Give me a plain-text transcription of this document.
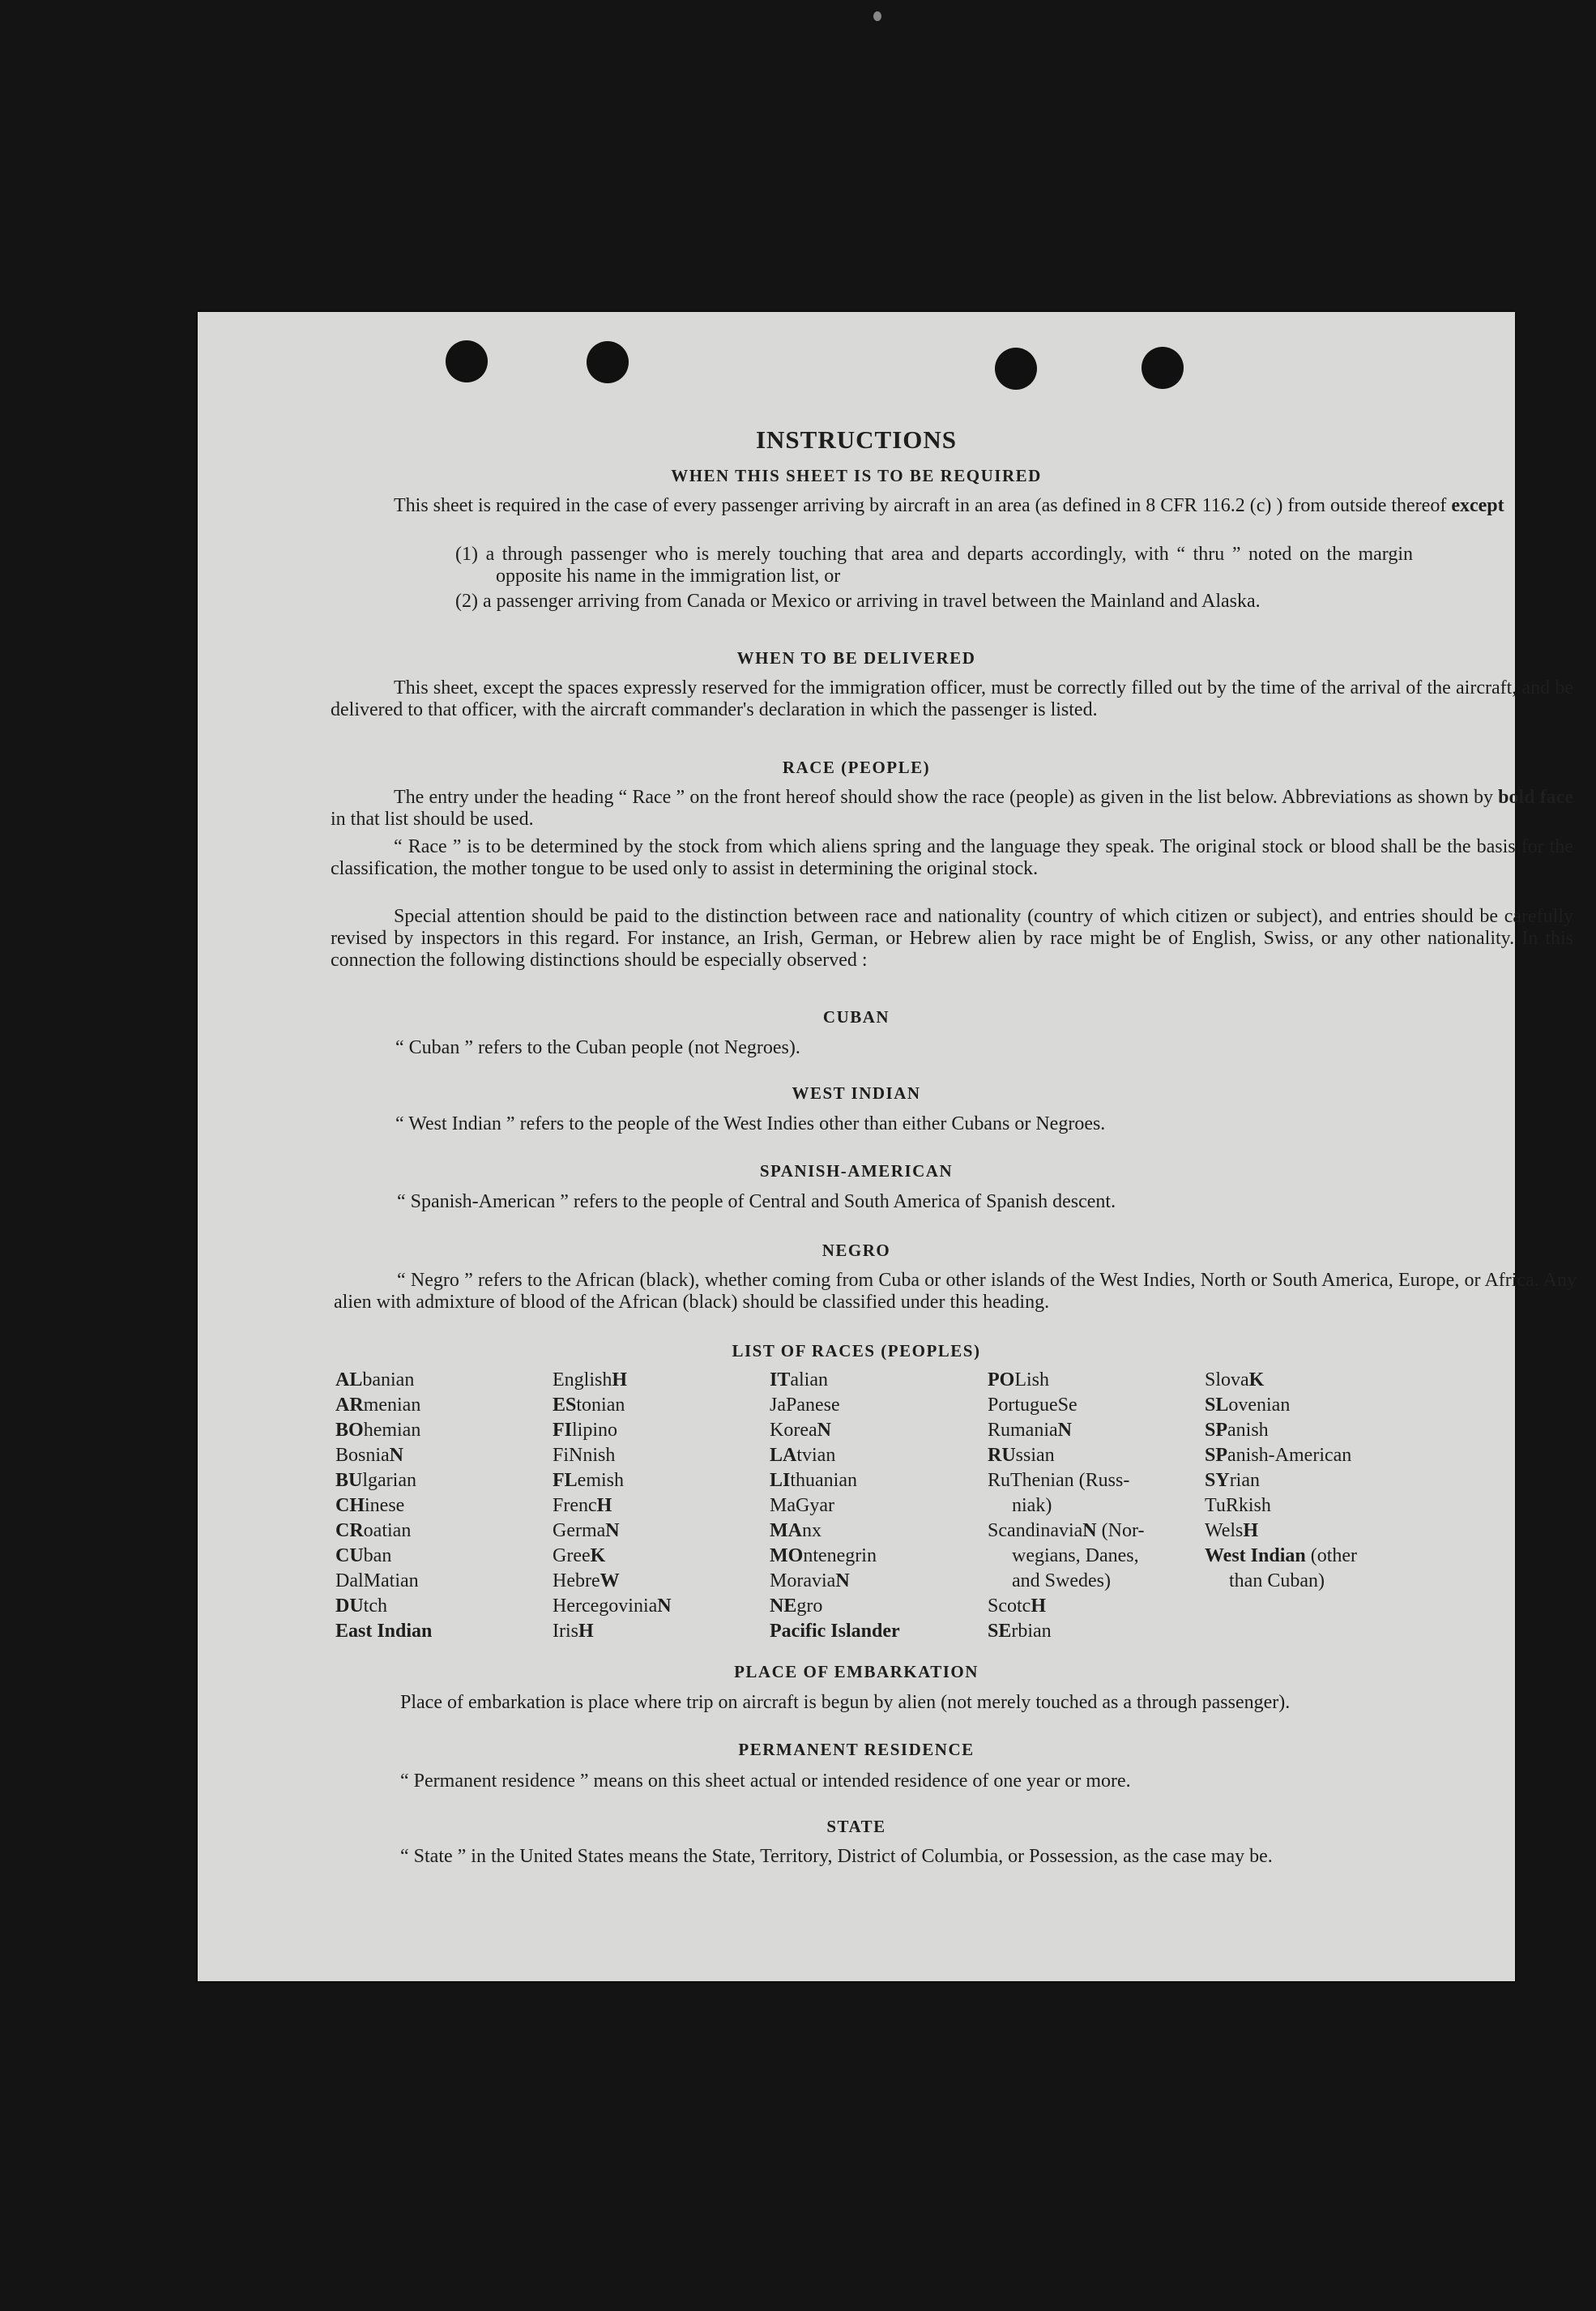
INSTRUCTIONS
WHEN THIS SHEET IS TO BE REQUIRED
This sheet is required in the case of every passenger arriving by aircraft in an area (as defined in 8 CFR 116.2 (c) ) from outside thereof except
(1) a through passenger who is merely touching that area and departs accordingly, with “ thru ” noted on the margin opposite his name in the immigration list, or
(2) a passenger arriving from Canada or Mexico or arriving in travel between the Mainland and Alaska.
WHEN TO BE DELIVERED
This sheet, except the spaces expressly reserved for the immigration officer, must be correctly filled out by the time of the arrival of the aircraft, and be delivered to that officer, with the aircraft commander's declaration in which the passenger is listed.
RACE (PEOPLE)
The entry under the heading “ Race ” on the front hereof should show the race (people) as given in the list below. Abbreviations as shown by bold face in that list should be used.
“ Race ” is to be determined by the stock from which aliens spring and the language they speak. The original stock or blood shall be the basis for the classification, the mother tongue to be used only to assist in determining the original stock.
Special attention should be paid to the distinction between race and nationality (country of which citizen or subject), and entries should be carefully revised by inspectors in this regard. For instance, an Irish, German, or Hebrew alien by race might be of English, Swiss, or any other nationality. In this connection the following distinctions should be especially observed :
CUBAN
“ Cuban ” refers to the Cuban people (not Negroes).
WEST INDIAN
“ West Indian ” refers to the people of the West Indies other than either Cubans or Negroes.
SPANISH-AMERICAN
“ Spanish-American ” refers to the people of Central and South America of Spanish descent.
NEGRO
“ Negro ” refers to the African (black), whether coming from Cuba or other islands of the West Indies, North or South America, Europe, or Africa. Any alien with admixture of blood of the African (black) should be classified under this heading.
LIST OF RACES (PEOPLES)
ALbanian
ARmenian
BOhemian
BosniaN
BUlgarian
CHinese
CRoatian
CUban
DalMatian
DUtch
East Indian
EnglishH
EStonian
FIlipino
FiNnish
FLemish
FrencH
GermaN
GreeK
HebreW
HercegoviniaN
IrisH
ITalian
JaPanese
KoreaN
LAtvian
LIthuanian
MaGyar
MAnx
MOntenegrin
MoraviaN
NEgro
Pacific Islander
POLish
PortugueSe
RumaniaN
RUssian
RuThenian (Russ-
niak)
ScandinaviaN (Nor-
wegians, Danes,
and Swedes)
ScotcH
SErbian
SlovaK
SLovenian
SPanish
SPanish-American
SYrian
TuRkish
WelsH
West Indian (other
than Cuban)
PLACE OF EMBARKATION
Place of embarkation is place where trip on aircraft is begun by alien (not merely touched as a through passenger).
PERMANENT RESIDENCE
“ Permanent residence ” means on this sheet actual or intended residence of one year or more.
STATE
“ State ” in the United States means the State, Territory, District of Columbia, or Possession, as the case may be.
